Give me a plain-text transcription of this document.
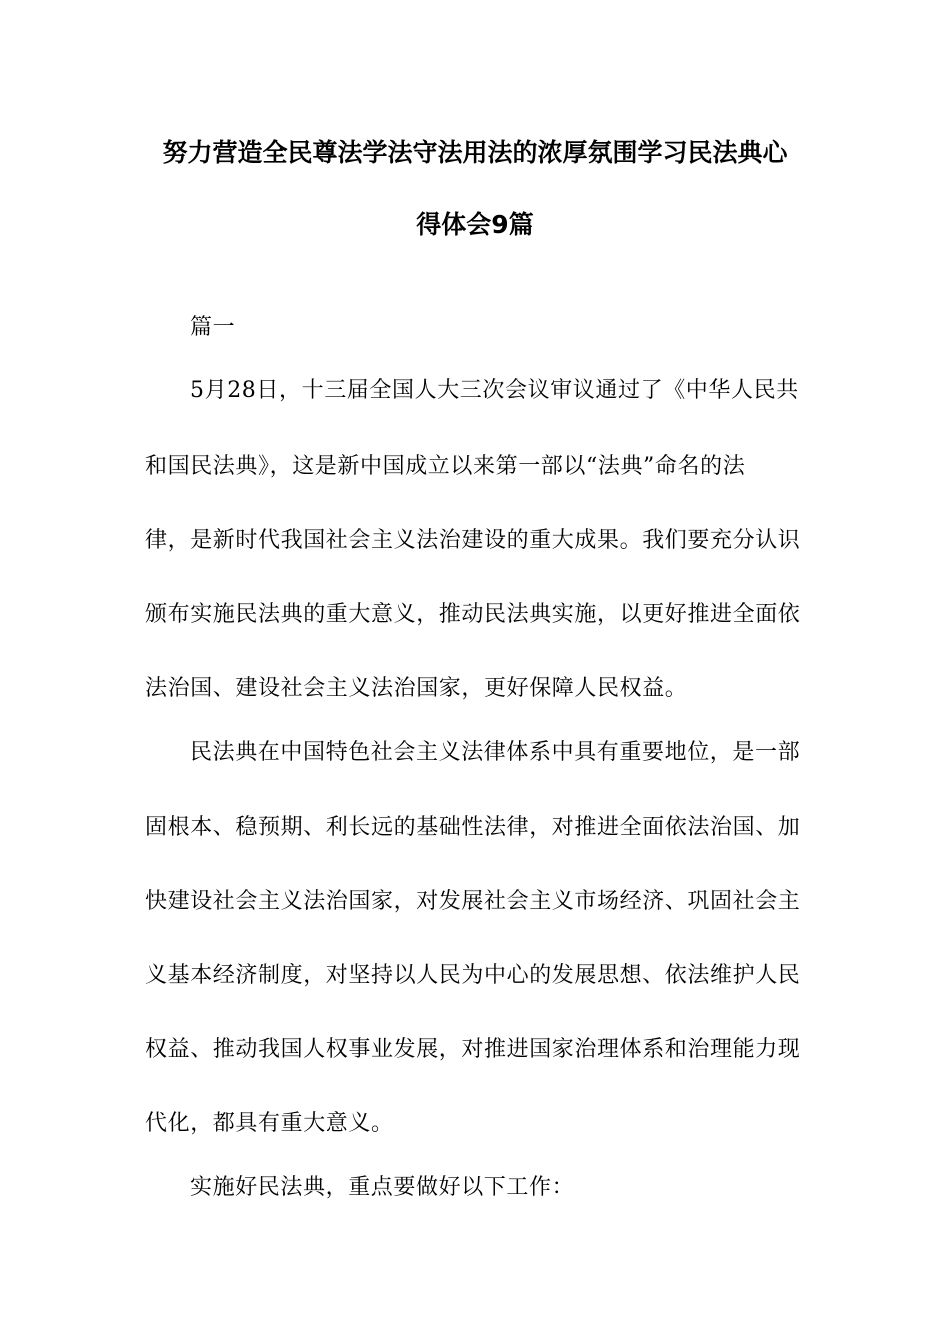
努力营造全民尊法学法守法用法的浓厚氛围学习民法典心
得体会9篇
篇一
5月28日，十三届全国人大三次会议审议通过了《中华人民共
和国民法典》，这是新中国成立以来第一部以“法典”命名的法
律，是新时代我国社会主义法治建设的重大成果。我们要充分认识
颁布实施民法典的重大意义，推动民法典实施，以更好推进全面依
法治国、建设社会主义法治国家，更好保障人民权益。
民法典在中国特色社会主义法律体系中具有重要地位，是一部
固根本、稳预期、利长远的基础性法律，对推进全面依法治国、加
快建设社会主义法治国家，对发展社会主义市场经济、巩固社会主
义基本经济制度，对坚持以人民为中心的发展思想、依法维护人民
权益、推动我国人权事业发展，对推进国家治理体系和治理能力现
代化，都具有重大意义。
实施好民法典，重点要做好以下工作：
